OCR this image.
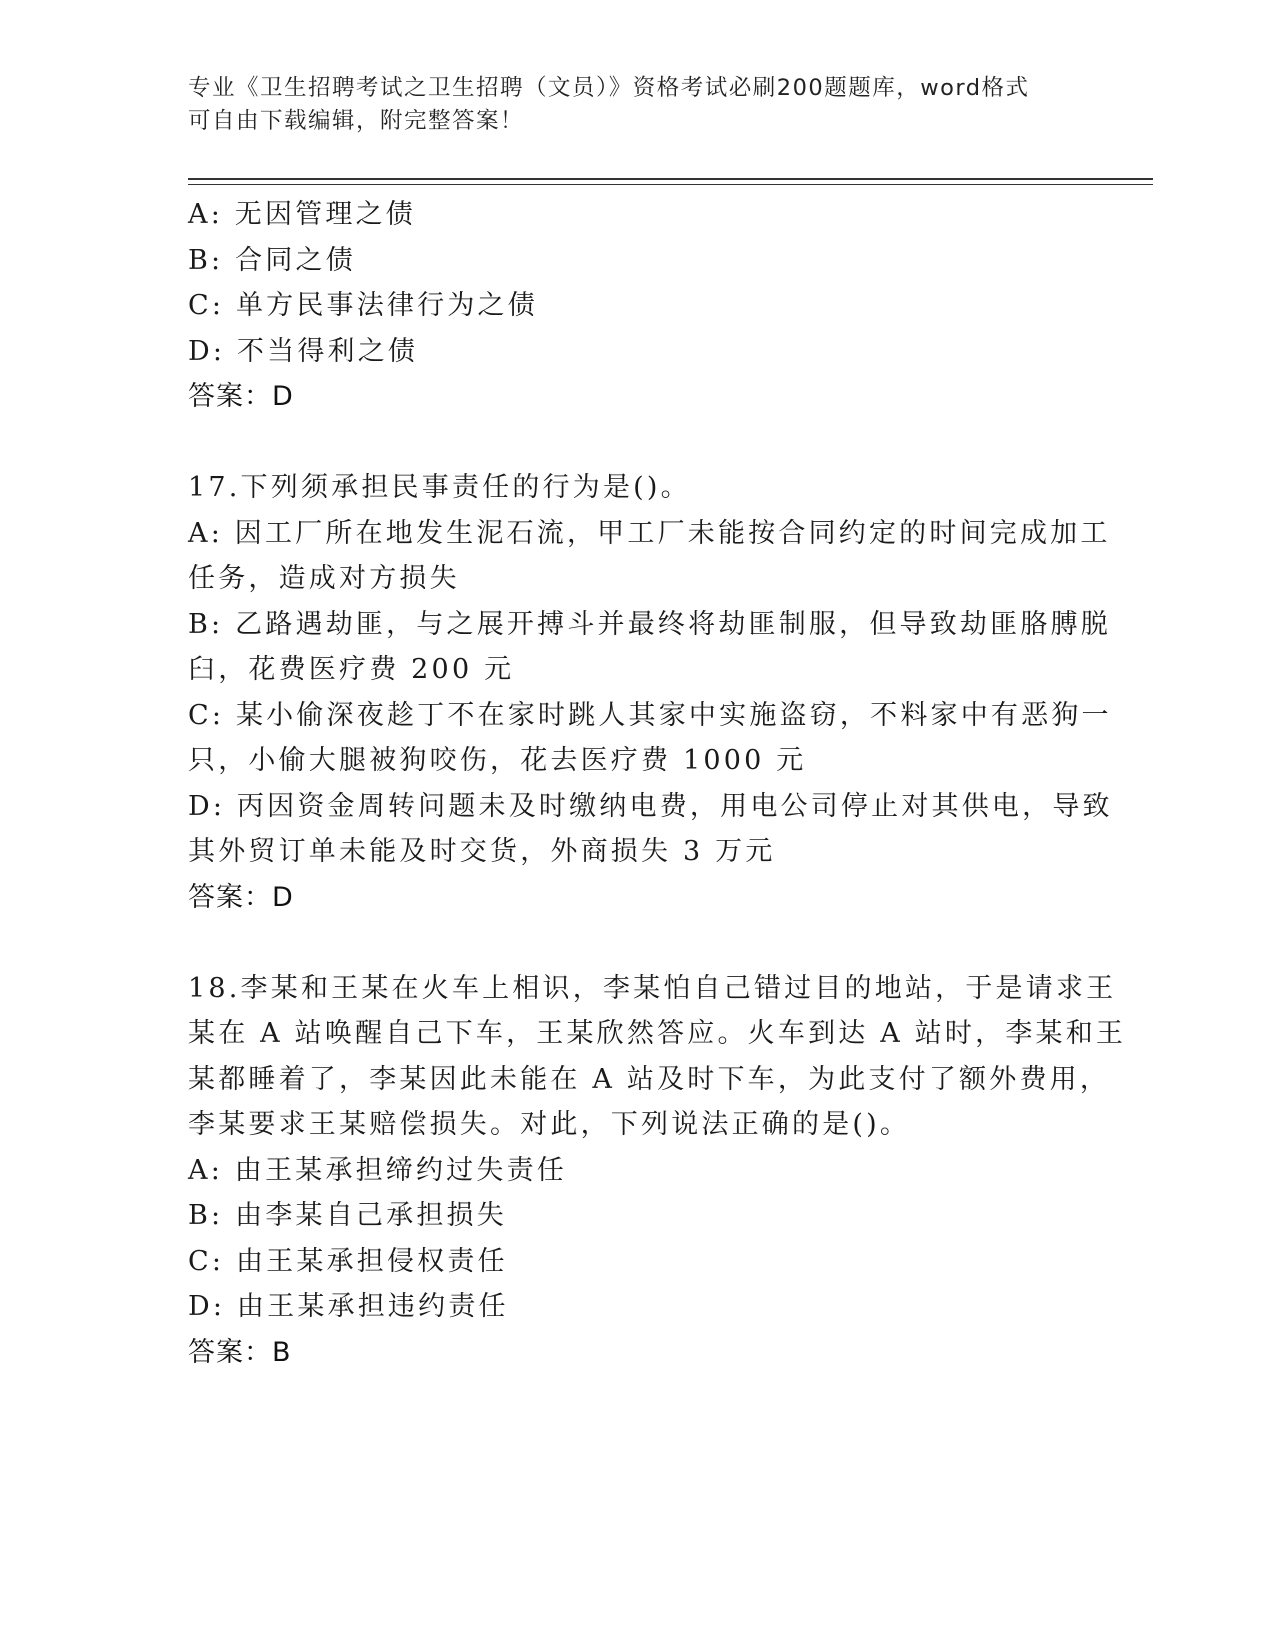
专业《卫生招聘考试之卫生招聘（文员）》资格考试必刷200题题库，word格式
可自由下载编辑，附完整答案！
A: 无因管理之债
B: 合同之债
C: 单方民事法律行为之债
D: 不当得利之债
答案：D
17.下列须承担民事责任的行为是()。
A: 因工厂所在地发生泥石流，甲工厂未能按合同约定的时间完成加工
任务，造成对方损失
B: 乙路遇劫匪，与之展开搏斗并最终将劫匪制服，但导致劫匪胳膊脱
臼，花费医疗费 200 元
C: 某小偷深夜趁丁不在家时跳人其家中实施盗窃，不料家中有恶狗一
只，小偷大腿被狗咬伤，花去医疗费 1000 元
D: 丙因资金周转问题未及时缴纳电费，用电公司停止对其供电，导致
其外贸订单未能及时交货，外商损失 3 万元
答案：D
18.李某和王某在火车上相识，李某怕自己错过目的地站，于是请求王
某在 A 站唤醒自己下车，王某欣然答应。火车到达 A 站时，李某和王
某都睡着了，李某因此未能在 A 站及时下车，为此支付了额外费用，
李某要求王某赔偿损失。对此，下列说法正确的是()。
A: 由王某承担缔约过失责任
B: 由李某自己承担损失
C: 由王某承担侵权责任
D: 由王某承担违约责任
答案：B
